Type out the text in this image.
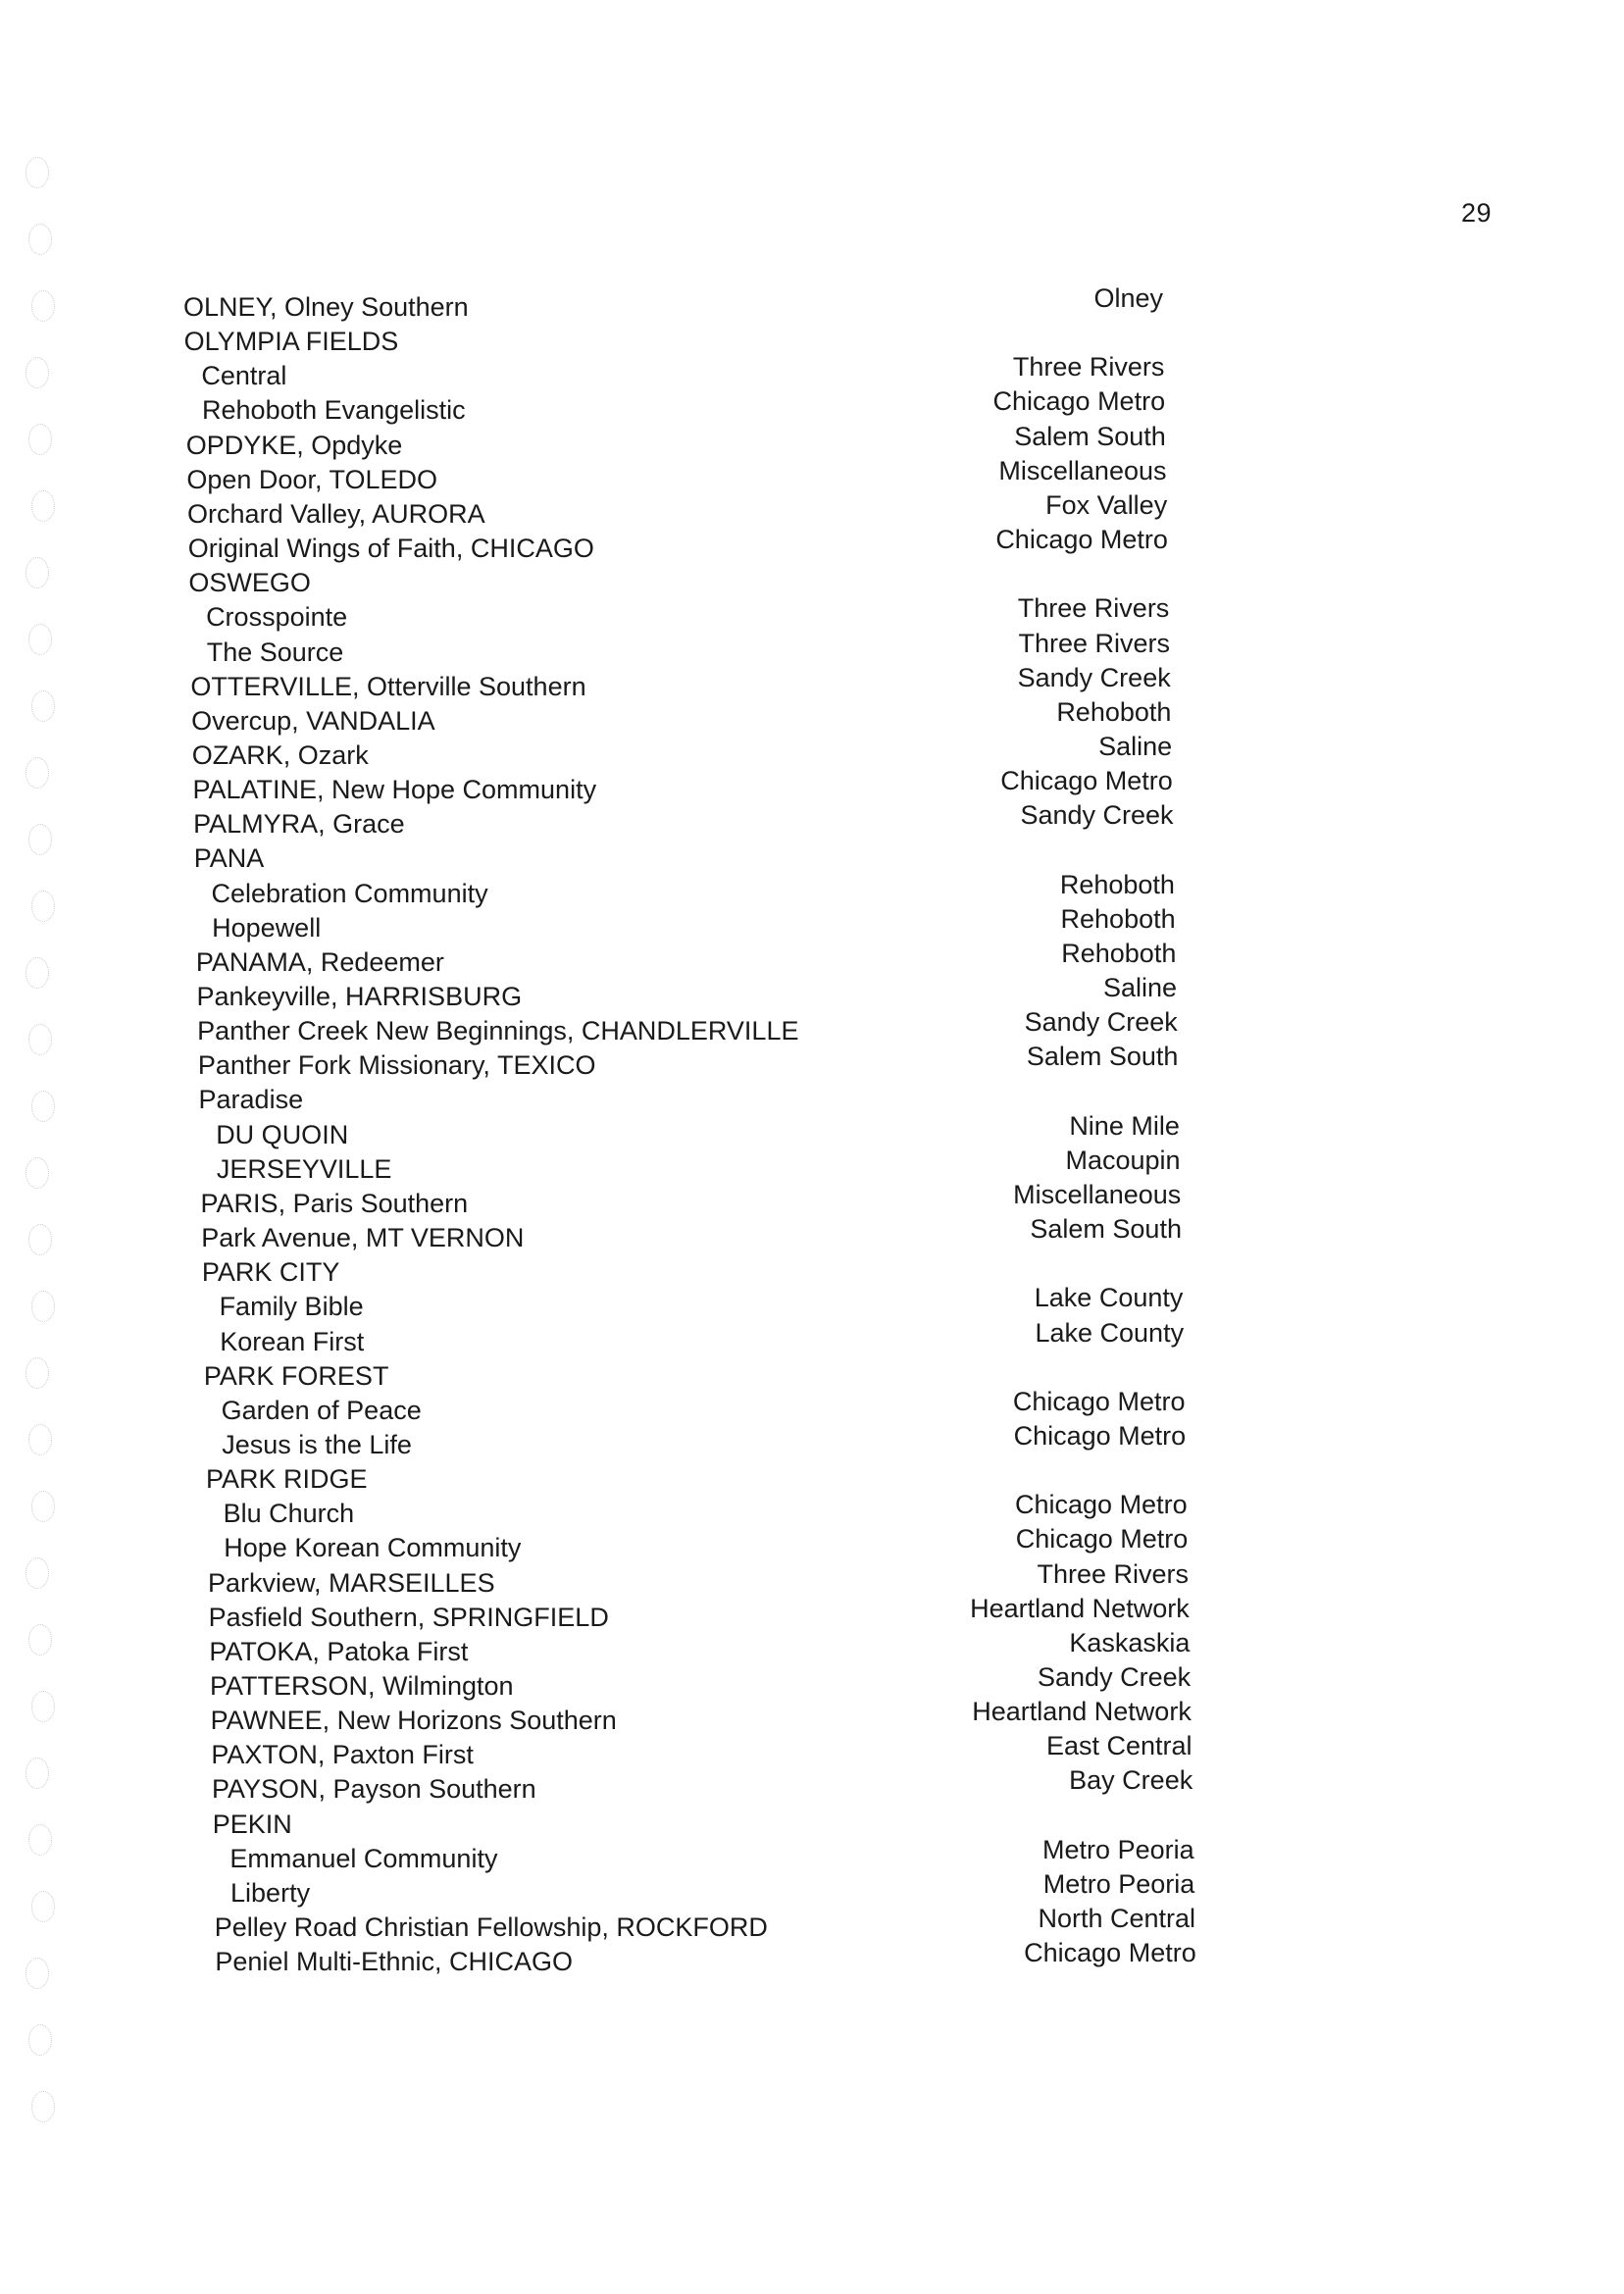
29
OLNEY, Olney Southern	Olney
OLYMPIA FIELDS
Central	Three Rivers
Rehoboth Evangelistic	Chicago Metro
OPDYKE, Opdyke	Salem South
Open Door, TOLEDO	Miscellaneous
Orchard Valley, AURORA	Fox Valley
Original Wings of Faith, CHICAGO	Chicago Metro
OSWEGO
Crosspointe	Three Rivers
The Source	Three Rivers
OTTERVILLE, Otterville Southern	Sandy Creek
Overcup, VANDALIA	Rehoboth
OZARK, Ozark	Saline
PALATINE, New Hope Community	Chicago Metro
PALMYRA, Grace	Sandy Creek
PANA
Celebration Community	Rehoboth
Hopewell	Rehoboth
PANAMA, Redeemer	Rehoboth
Pankeyville, HARRISBURG	Saline
Panther Creek New Beginnings, CHANDLERVILLE	Sandy Creek
Panther Fork Missionary, TEXICO	Salem South
Paradise
DU QUOIN	Nine Mile
JERSEYVILLE	Macoupin
PARIS, Paris Southern	Miscellaneous
Park Avenue, MT VERNON	Salem South
PARK CITY
Family Bible	Lake County
Korean First	Lake County
PARK FOREST
Garden of Peace	Chicago Metro
Jesus is the Life	Chicago Metro
PARK RIDGE
Blu Church	Chicago Metro
Hope Korean Community	Chicago Metro
Parkview, MARSEILLES	Three Rivers
Pasfield Southern, SPRINGFIELD	Heartland Network
PATOKA, Patoka First	Kaskaskia
PATTERSON, Wilmington	Sandy Creek
PAWNEE, New Horizons Southern	Heartland Network
PAXTON, Paxton First	East Central
PAYSON, Payson Southern	Bay Creek
PEKIN
Emmanuel Community	Metro Peoria
Liberty	Metro Peoria
Pelley Road Christian Fellowship, ROCKFORD	North Central
Peniel Multi-Ethnic, CHICAGO	Chicago Metro
